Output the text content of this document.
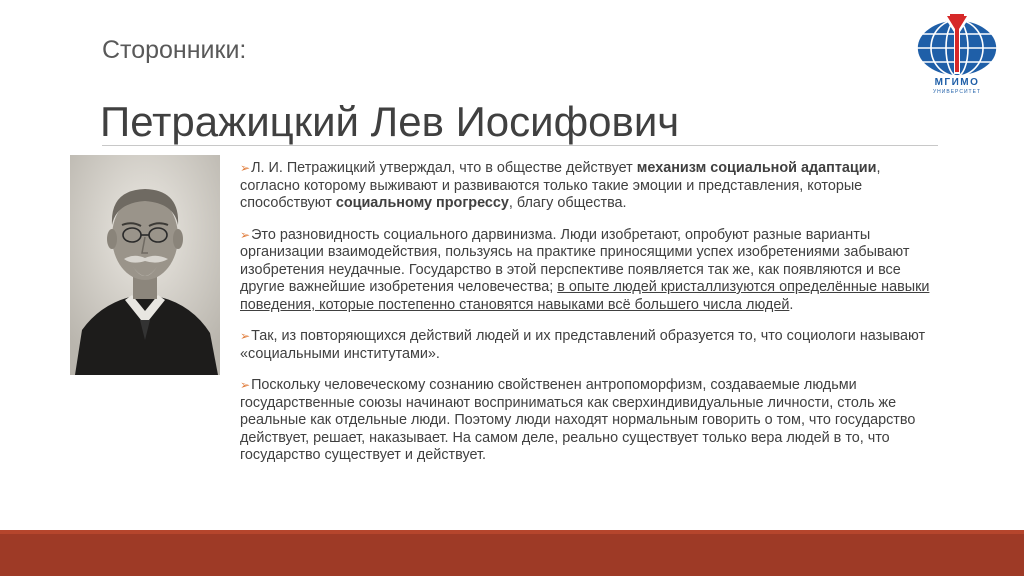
Сторонники:
Петражицкий Лев Иосифович
МГИМО
УНИВЕРСИТЕТ

➢Л. И. Петражицкий утверждал, что в обществе действует механизм социальной адаптации, согласно которому выживают и развиваются только такие эмоции и представления, которые способствуют социальному прогрессу, благу общества.

➢Это разновидность социального дарвинизма. Люди изобретают, опробуют разные варианты организации взаимодействия, пользуясь на практике приносящими успех изобретениями забывают изобретения неудачные. Государство в этой перспективе появляется так же, как появляются и все другие важнейшие изобретения человечества; в опыте людей кристаллизуются определённые навыки поведения, которые постепенно становятся навыками всё большего числа людей.

➢Так, из повторяющихся действий людей и их представлений образуется то, что социологи называют «социальными институтами».

➢Поскольку человеческому сознанию свойственен антропоморфизм, создаваемые людьми государственные союзы начинают восприниматься как сверхиндивидуальные личности, столь же реальные как отдельные люди. Поэтому люди находят нормальным говорить о том, что государство действует, решает, наказывает. На самом деле, реально существует только вера людей в то, что государство существует и действует.
